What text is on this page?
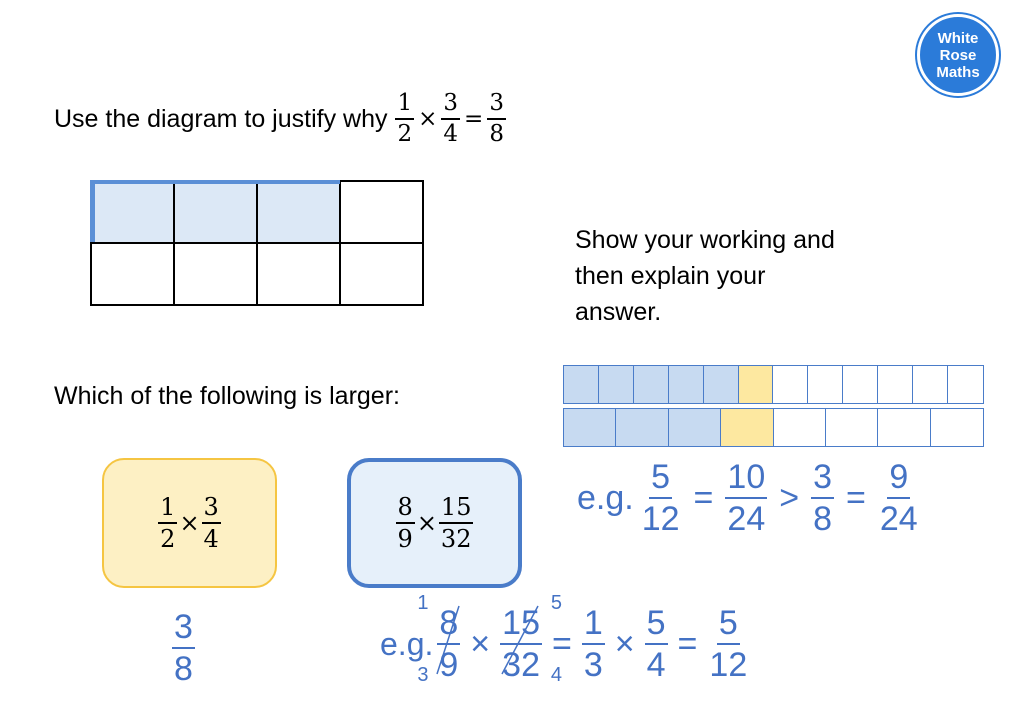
White
Rose
Maths
Use the diagram to justify why $\frac{1}{2} \times \frac{3}{4} = \frac{3}{8}$

Show your working and
then explain your
answer.
Which of the following is larger:
$\frac{1}{2} \times \frac{3}{4}$	$\frac{8}{9} \times \frac{15}{32}$	e.g. $\frac{5}{12} = \frac{10}{24} > \frac{3}{8} = \frac{9}{24}$
$\frac{3}{8}$	e.g. $\frac{8}{9}$
1
3
× $\frac{15}{32}$
5
4
= $\frac{1}{3} \times \frac{5}{4} = \frac{5}{12}$
